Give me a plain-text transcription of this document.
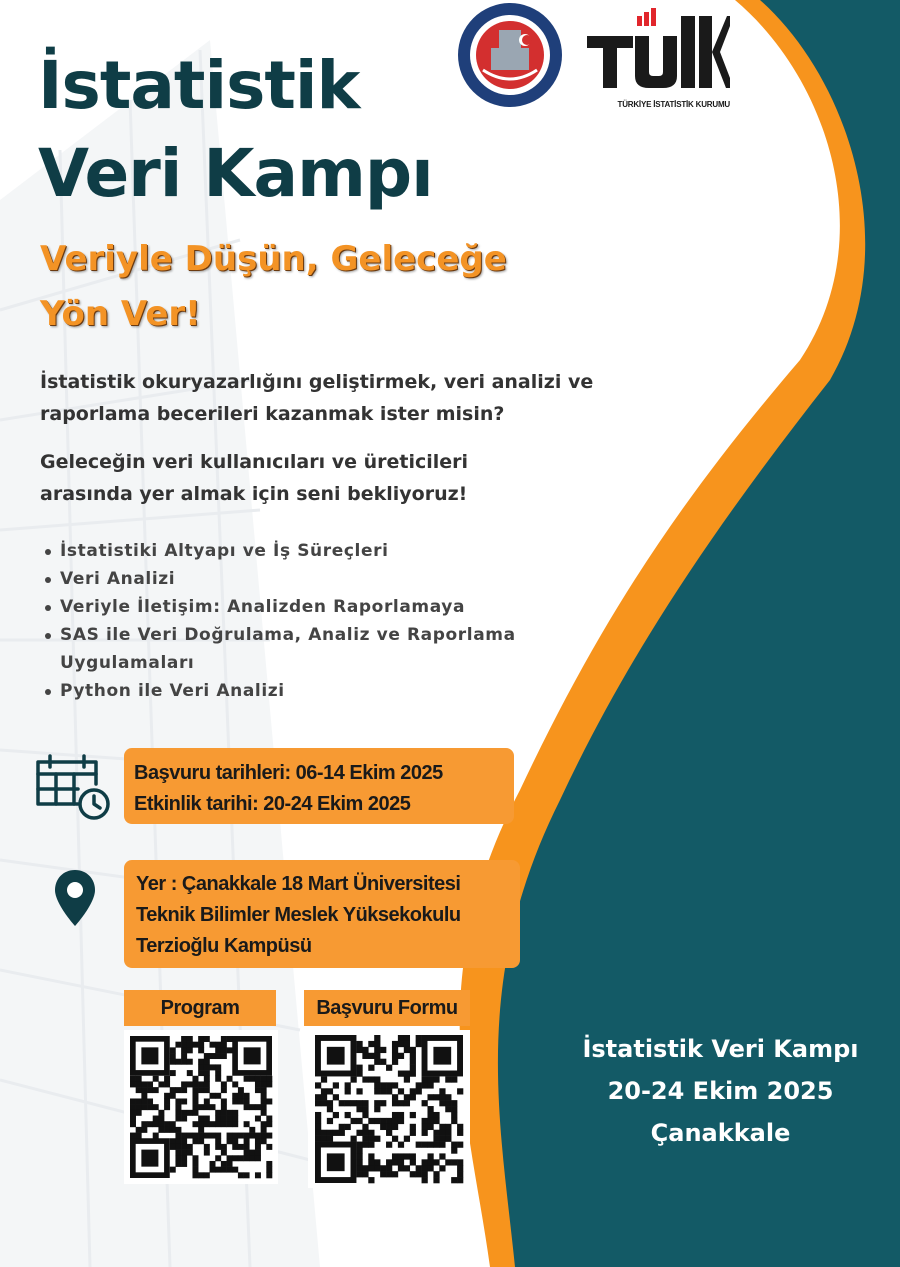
TÜRKİYE İSTATİSTİK KURUMU
İstatistik
Veri Kampı
Veriyle Düşün, Geleceğe
Yön Ver!

İstatistik okuryazarlığını geliştirmek, veri analizi ve
raporlama becerileri kazanmak ister misin?

Geleceğin veri kullanıcıları ve üreticileri
arasında yer almak için seni bekliyoruz!

İstatistiki Altyapı ve İş Süreçleri
Veri Analizi
Veriyle İletişim: Analizden Raporlamaya
SAS ile Veri Doğrulama, Analiz ve Raporlama
Uygulamaları
Python ile Veri Analizi
Başvuru tarihleri: 06-14 Ekim 2025
Etkinlik tarihi: 20-24 Ekim 2025
Yer : Çanakkale 18 Mart Üniversitesi
Teknik Bilimler Meslek Yüksekokulu
Terzioğlu Kampüsü
Program	Başvuru Formu
İstatistik Veri Kampı
20-24 Ekim 2025
Çanakkale
